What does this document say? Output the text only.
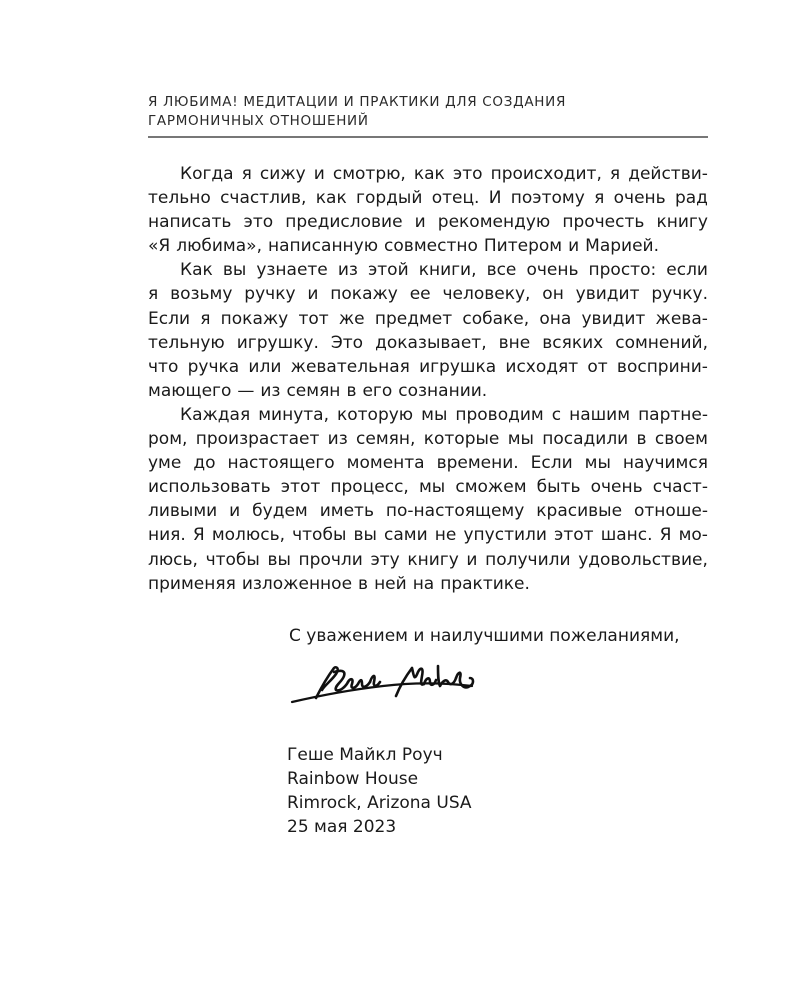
Я ЛЮБИМА! МЕДИТАЦИИ И ПРАКТИКИ ДЛЯ СОЗДАНИЯ
ГАРМОНИЧНЫХ ОТНОШЕНИЙ
Когда я сижу и смотрю, как это происходит, я действи-
тельно счастлив, как гордый отец. И поэтому я очень рад
написать это предисловие и рекомендую прочесть книгу
«Я любима», написанную совместно Питером и Марией.
Как вы узнаете из этой книги, все очень просто: если
я возьму ручку и покажу ее человеку, он увидит ручку.
Если я покажу тот же предмет собаке, она увидит жева-
тельную игрушку. Это доказывает, вне всяких сомнений,
что ручка или жевательная игрушка исходят от восприни-
мающего — из семян в его сознании.
Каждая минута, которую мы проводим с нашим партне-
ром, произрастает из семян, которые мы посадили в своем
уме до настоящего момента времени. Если мы научимся
использовать этот процесс, мы сможем быть очень счаст-
ливыми и будем иметь по-настоящему красивые отноше-
ния. Я молюсь, чтобы вы сами не упустили этот шанс. Я мо-
люсь, чтобы вы прочли эту книгу и получили удовольствие,
применяя изложенное в ней на практике.
С уважением и наилучшими пожеланиями,
Геше Майкл Роуч
Rainbow House
Rimrock, Arizona USA
25 мая 2023
